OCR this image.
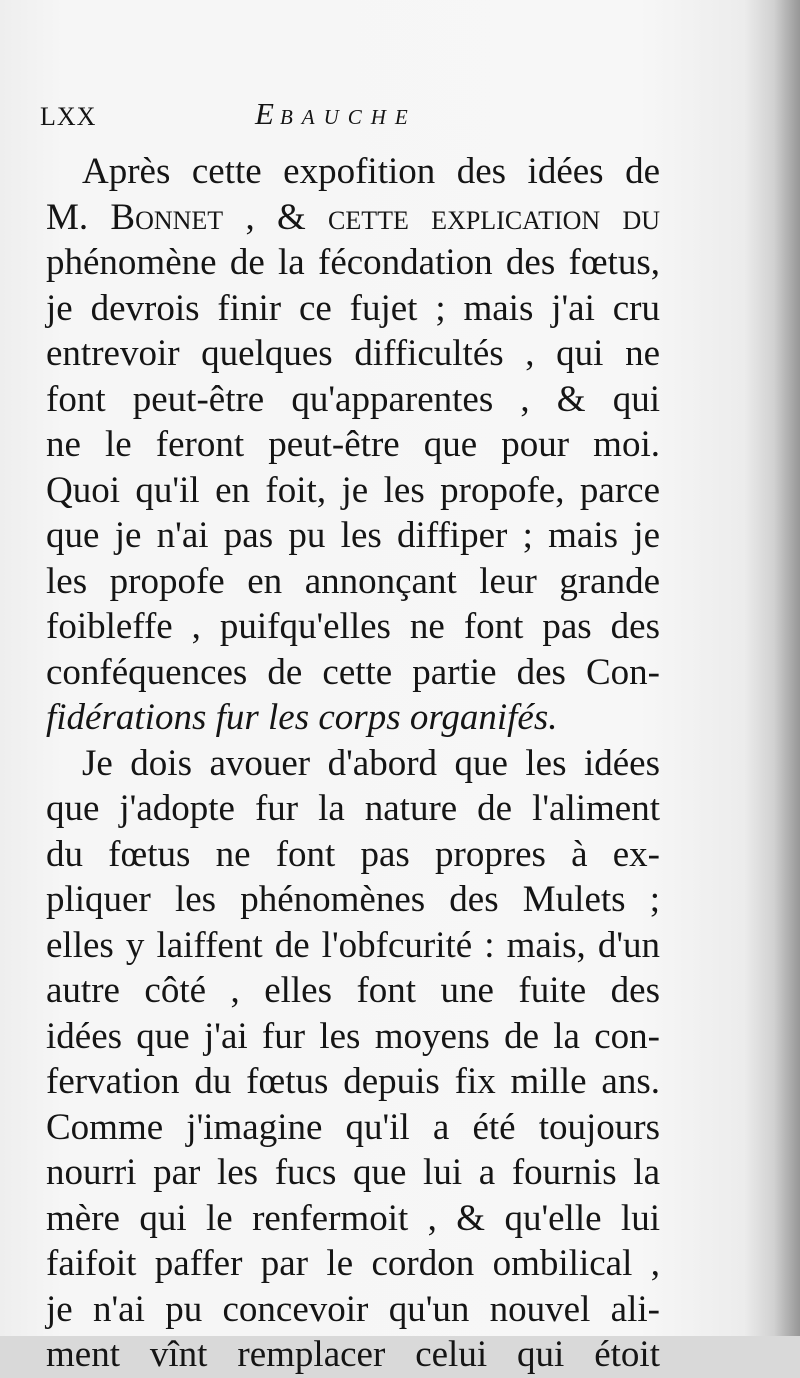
LXX	EBAUCHE
Après cette expofition des idées de
M. Bonnet , & cette explication du
phénomène de la fécondation des fœtus,
je devrois finir ce fujet ; mais j'ai cru
entrevoir quelques difficultés , qui ne
font peut-être qu'apparentes , & qui
ne le feront peut-être que pour moi.
Quoi qu'il en foit, je les propofe, parce
que je n'ai pas pu les diffiper ; mais je
les propofe en annonçant leur grande
foibleffe , puifqu'elles ne font pas des
conféquences de cette partie des Con-
fidérations fur les corps organifés.
Je dois avouer d'abord que les idées
que j'adopte fur la nature de l'aliment
du fœtus ne font pas propres à ex-
pliquer les phénomènes des Mulets ;
elles y laiffent de l'obfcurité : mais, d'un
autre côté , elles font une fuite des
idées que j'ai fur les moyens de la con-
fervation du fœtus depuis fix mille ans.
Comme j'imagine qu'il a été toujours
nourri par les fucs que lui a fournis la
mère qui le renfermoit , & qu'elle lui
faifoit paffer par le cordon ombilical ,
je n'ai pu concevoir qu'un nouvel ali-
ment vînt remplacer celui qui étoit
